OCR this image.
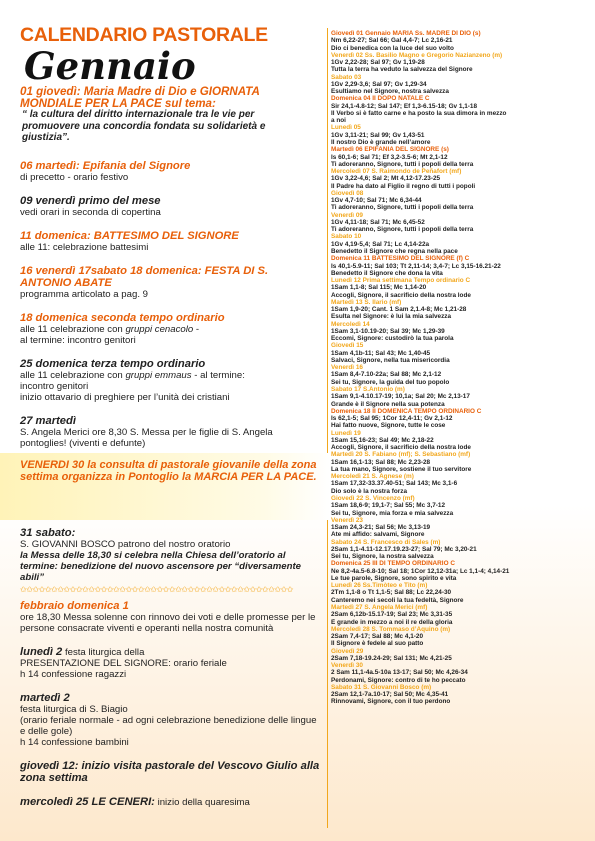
CALENDARIO PASTORALE
Gennaio
01 giovedì: Maria Madre di Dio e GIORNATA MONDIALE PER LA PACE sul tema:
“ la cultura del diritto internazionale tra le vie per promuovere una concordia fondata su solidarietà e giustizia”.
06 martedì: Epifania del Signore
di precetto - orario festivo
09 venerdì primo del mese
vedi orari in seconda di copertina
11 domenica: BATTESIMO DEL SIGNORE
alle 11: celebrazione battesimi
16 venerdì 17sabato 18 domenica: FESTA DI S. ANTONIO ABATE
programma articolato a pag. 9
18 domenica seconda tempo ordinario
alle 11 celebrazione con gruppi cenacolo -
al termine: incontro genitori
25 domenica terza tempo ordinario
alle 11 celebrazione con gruppi emmaus - al termine:
incontro genitori
inizio ottavario di preghiere per l’unità dei cristiani
27 martedì
S. Angela Merici ore 8,30 S. Messa per le figlie di S. Angela pontoglies! (viventi e defunte)
VENERDI 30 la consulta di pastorale giovanile della zona settima organizza in Pontoglio la MARCIA PER LA PACE.
31 sabato:
S. GIOVANNI BOSCO patrono del nostro oratorio
la Messa delle 18,30 si celebra nella Chiesa dell’oratorio al termine: benedizione del nuovo ascensore per “diversamente abili”
✩✩✩✩✩✩✩✩✩✩✩✩✩✩✩✩✩✩✩✩✩✩✩✩✩✩✩✩✩✩✩✩✩✩✩✩✩✩✩✩✩✩✩✩
febbraio domenica 1
ore 18,30 Messa solenne con rinnovo dei voti e delle promesse per le persone consacrate viventi e operanti nella nostra comunità
lunedì 2 festa liturgica della
PRESENTAZIONE DEL SIGNORE: orario feriale
h 14 confessione ragazzi
martedì 2
festa liturgica di S. Biagio
(orario feriale normale - ad ogni celebrazione benedizione delle lingue e delle gole)
h 14 confessione bambini
giovedì 12: inizio visita pastorale del Vescovo Giulio alla zona settima
mercoledì 25 LE CENERI: inizio della quaresima
Giovedì 01 Gennaio MARIA Ss. MADRE DI DIO (s)
Nm 6,22-27; Sal 66; Gal 4,4-7; Lc 2,16-21
Dio ci benedica con la luce del suo volto
Venerdì 02 Ss. Basilio Magno e Gregorio Nazianzeno (m)
1Gv 2,22-28; Sal 97; Gv 1,19-28
Tutta la terra ha veduto la salvezza del Signore
Sabato 03
1Gv 2,29-3,6; Sal 97; Gv 1,29-34
Esultiamo nel Signore, nostra salvezza
Domenica 04 II DOPO NATALE C
Sir 24,1-4.8-12; Sal 147; Ef 1,3-6.15-18; Gv 1,1-18
Il Verbo si è fatto carne e ha posto la sua dimora in mezzo
a noi
Lunedì 05
1Gv 3,11-21; Sal 99; Gv 1,43-51
Il nostro Dio è grande nell’amore
Martedì 06 EPIFANIA DEL SIGNORE (s)
Is 60,1-6; Sal 71; Ef 3,2-3.5-6; Mt 2,1-12
Ti adoreranno, Signore, tutti i popoli della terra
Mercoledì 07 S. Raimondo de Peñafort (mf)
1Gv 3,22-4,6; Sal 2; Mt 4,12-17.23-25
Il Padre ha dato al Figlio il regno di tutti i popoli
Giovedì 08
1Gv 4,7-10; Sal 71; Mc 6,34-44
Ti adoreranno, Signore, tutti i popoli della terra
Venerdì 09
1Gv 4,11-18; Sal 71; Mc 6,45-52
Ti adoreranno, Signore, tutti i popoli della terra
Sabato 10
1Gv 4,19-5,4; Sal 71; Lc 4,14-22a
Benedetto il Signore che regna nella pace
Domenica 11 BATTESIMO DEL SIGNORE (f) C
Is 40,1-5.9-11; Sal 103; Tt 2,11-14; 3,4-7; Lc 3,15-16.21-22
Benedetto il Signore che dona la vita
Lunedì 12 Prima settimana Tempo ordinario C
1Sam 1,1-8; Sal 115; Mc 1,14-20
Accogli, Signore, il sacrificio della nostra lode
Martedì 13 S. Ilario (mf)
1Sam 1,9-20; Cant. 1 Sam 2,1.4-8; Mc 1,21-28
Esulta nel Signore: è lui la mia salvezza
Mercoledì 14
1Sam 3,1-10.19-20; Sal 39; Mc 1,29-39
Eccomi, Signore: custodirò la tua parola
Giovedì 15
1Sam 4,1b-11; Sal 43; Mc 1,40-45
Salvaci, Signore, nella tua misericordia
Venerdì 16
1Sam 8,4-7.10-22a; Sal 88; Mc 2,1-12
Sei tu, Signore, la guida del tuo popolo
Sabato 17 S.Antonio (m)
1Sam 9,1-4.10.17-19; 10,1a; Sal 20; Mc 2,13-17
Grande è il Signore nella sua potenza
Domenica 18 II DOMENICA TEMPO ORDINARIO C
Is 62,1-5; Sal 95; 1Cor 12,4-11; Gv 2,1-12
Hai fatto nuove, Signore, tutte le cose
Lunedì 19
1Sam 15,16-23; Sal 49; Mc 2,18-22
Accogli, Signore, il sacrificio della nostra lode
Martedì 20 S. Fabiano (mf); S. Sebastiano (mf)
1Sam 16,1-13; Sal 88; Mc 2,23-28
La tua mano, Signore, sostiene il tuo servitore
Mercoledì 21 S. Agnese (m)
1Sam 17,32-33.37.40-51; Sal 143; Mc 3,1-6
Dio solo è la nostra forza
Giovedì 22 S. Vincenzo (mf)
1Sam 18,6-9; 19,1-7; Sal 55; Mc 3,7-12
Sei tu, Signore, mia forza e mia salvezza
Venerdì 23
1Sam 24,3-21; Sal 56; Mc 3,13-19
Ate mi affido: salvami, Signore
Sabato 24 S. Francesco di Sales (m)
2Sam 1,1-4.11-12.17.19.23-27; Sal 79; Mc 3,20-21
Sei tu, Signore, la nostra salvezza
Domenica 25 III DI TEMPO ORDINARIO C
Ne 8,2-4a.5-6.8-10; Sal 18; 1Cor 12,12-31a; Lc 1,1-4; 4,14-21
Le tue parole, Signore, sono spirito e vita
Lunedì 26 Ss.Timòteo e Tito (m)
2Tm 1,1-8 o Tt 1,1-5; Sal 88; Lc 22,24-30
Canteremo nei secoli la tua fedeltà, Signore
Martedì 27 S. Angela Merici (mf)
2Sam 6,12b-15.17-19; Sal 23; Mc 3,31-35
È grande in mezzo a noi il re della gloria
Mercoledì 28 S. Tommaso d’Aquino (m)
2Sam 7,4-17; Sal 88; Mc 4,1-20
Il Signore è fedele al suo patto
Giovedì 29
2Sam 7,18-19.24-29; Sal 131; Mc 4,21-25
Venerdì 30
2 Sam 11,1-4a.5-10a 13-17; Sal 50; Mc 4,26-34
Perdonami, Signore: contro di te ho peccato
Sabato 31 S. Giovanni Bosco (m)
2Sam 12,1-7a.10-17; Sal 50; Mc 4,35-41
Rinnovami, Signore, con il tuo perdono
